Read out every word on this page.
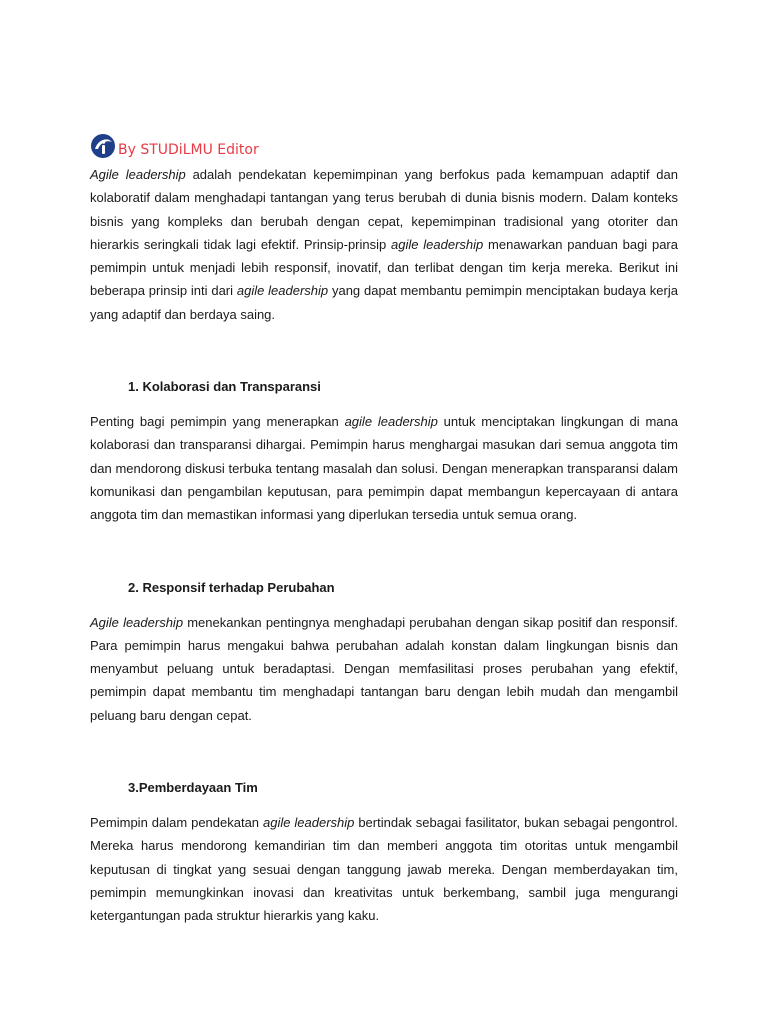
By STUDiLMU Editor

Agile leadership adalah pendekatan kepemimpinan yang berfokus pada kemampuan adaptif dan kolaboratif dalam menghadapi tantangan yang terus berubah di dunia bisnis modern. Dalam konteks bisnis yang kompleks dan berubah dengan cepat, kepemimpinan tradisional yang otoriter dan hierarkis seringkali tidak lagi efektif. Prinsip-prinsip agile leadership menawarkan panduan bagi para pemimpin untuk menjadi lebih responsif, inovatif, dan terlibat dengan tim kerja mereka. Berikut ini beberapa prinsip inti dari agile leadership yang dapat membantu pemimpin menciptakan budaya kerja yang adaptif dan berdaya saing.

1. Kolaborasi dan Transparansi

Penting bagi pemimpin yang menerapkan agile leadership untuk menciptakan lingkungan di mana kolaborasi dan transparansi dihargai. Pemimpin harus menghargai masukan dari semua anggota tim dan mendorong diskusi terbuka tentang masalah dan solusi. Dengan menerapkan transparansi dalam komunikasi dan pengambilan keputusan, para pemimpin dapat membangun kepercayaan di antara anggota tim dan memastikan informasi yang diperlukan tersedia untuk semua orang.

2. Responsif terhadap Perubahan

Agile leadership menekankan pentingnya menghadapi perubahan dengan sikap positif dan responsif. Para pemimpin harus mengakui bahwa perubahan adalah konstan dalam lingkungan bisnis dan menyambut peluang untuk beradaptasi. Dengan memfasilitasi proses perubahan yang efektif, pemimpin dapat membantu tim menghadapi tantangan baru dengan lebih mudah dan mengambil peluang baru dengan cepat.

3.Pemberdayaan Tim

Pemimpin dalam pendekatan agile leadership bertindak sebagai fasilitator, bukan sebagai pengontrol. Mereka harus mendorong kemandirian tim dan memberi anggota tim otoritas untuk mengambil keputusan di tingkat yang sesuai dengan tanggung jawab mereka. Dengan memberdayakan tim, pemimpin memungkinkan inovasi dan kreativitas untuk berkembang, sambil juga mengurangi ketergantungan pada struktur hierarkis yang kaku.
